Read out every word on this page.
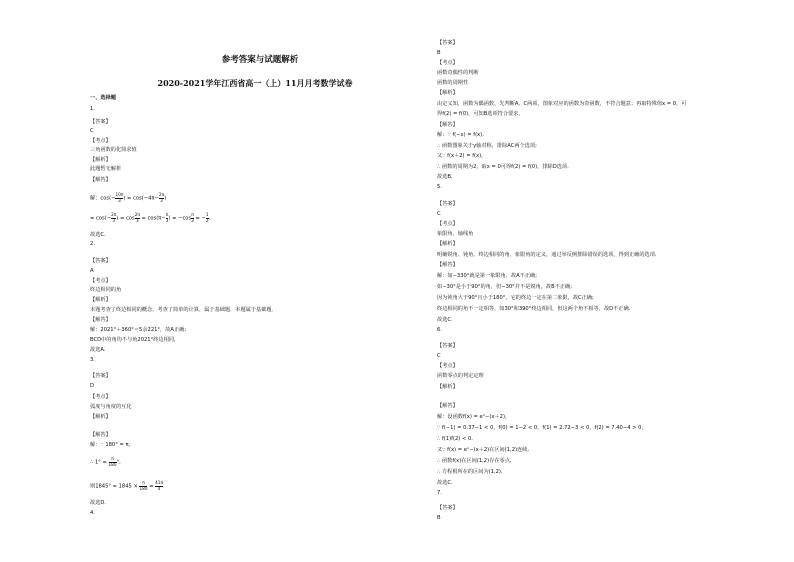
参考答案与试题解析
2020-2021学年江西省高一（上）11月月考数学试卷
一、选择题
1.
【答案】
C
【考点】
三角函数的化简求值
【解析】
此题暂无解析
【解答】
解：$\cos(- \frac{10\pi}{3}$ ) = $\cos(-4\pi- \frac{2\pi}{3}$ )
= $\cos(- \frac{2\pi}{3}$ ) = $\cos \frac{2\pi}{3} = \cos(\pi- \frac{\pi}{3}$ ) = $-\cos \frac{\pi}{3}$ = − $\frac{1}{2}$ .
故选C.
2.
【答案】
A
【考点】
终边相同的角
【解析】
本题考查了终边相同的概念，考查了简单的计算，属于基础题．本题属于基础题．
【解答】
解：2021°＋360°＝5余221°，故A正确;
BCD中的角均不与角2021°终边相同,
故选A.
3.
【答案】
D
【考点】
弧度与角度的互化
【解析】
【解答】
解：∵ 180° = π,
∴ $1^\circ = \frac{\pi}{180}$ °,
则$1845^\circ = 1845 \times \frac{\pi}{180} = \frac{41\pi}{4}$ .
故选D.
4.
【答案】
B
【考点】
函数奇偶性的判断
函数的周期性
【解析】
由定义知，函数为偶函数，先判断A、C两项，图象对应的函数为奇函数，不符合题意；再取特殊值x = 0，可
得f(2) = f(0)，可知B选项符合要求。
【解答】
解：∵ f(−x) = f(x),
∴ 函数图象关于y轴对称，排除AC两个选项;
又∵ f(x＋2) = f(x),
∴ 函数的周期为2，取x = 0可得f(2) = f(0)，排除D选项.
故选B.
5.
【答案】
C
【考点】
象限角、轴线角
【解析】
明确锐角、钝角、终边相同的角、象限角的定义，通过举反例排除错误的选项，得到正确的选项.
【解答】
解：如−330°就是第一象限角，故A不正确;
如−30°是小于90°的角，但−30°并不是锐角，故B不正确;
因为钝角大于90°且小于180°，它的终边一定在第二象限，故C正确;
终边相同的角不一定相等，如30°和390°终边相同，但这两个角不相等，故D不正确.
故选C.
6.
【答案】
C
【考点】
函数零点的判定定理
【解析】
【解答】
解：设函数f(x) = eˣ−(x＋2)，
∵ f(−1) = 0.37−1 < 0，f(0) = 1−2 < 0，f(1) = 2.72−3 < 0，f(2) = 7.40−4 > 0，
∴ f(1)f(2) < 0.
又∵ f(x) = eˣ−(x＋2)在区间(1,2)连续,
∴ 函数f(x)在区间(1,2)存在零点,
∴ 方程根所在的区间为(1,2).
故选C.
7.
【答案】
B
